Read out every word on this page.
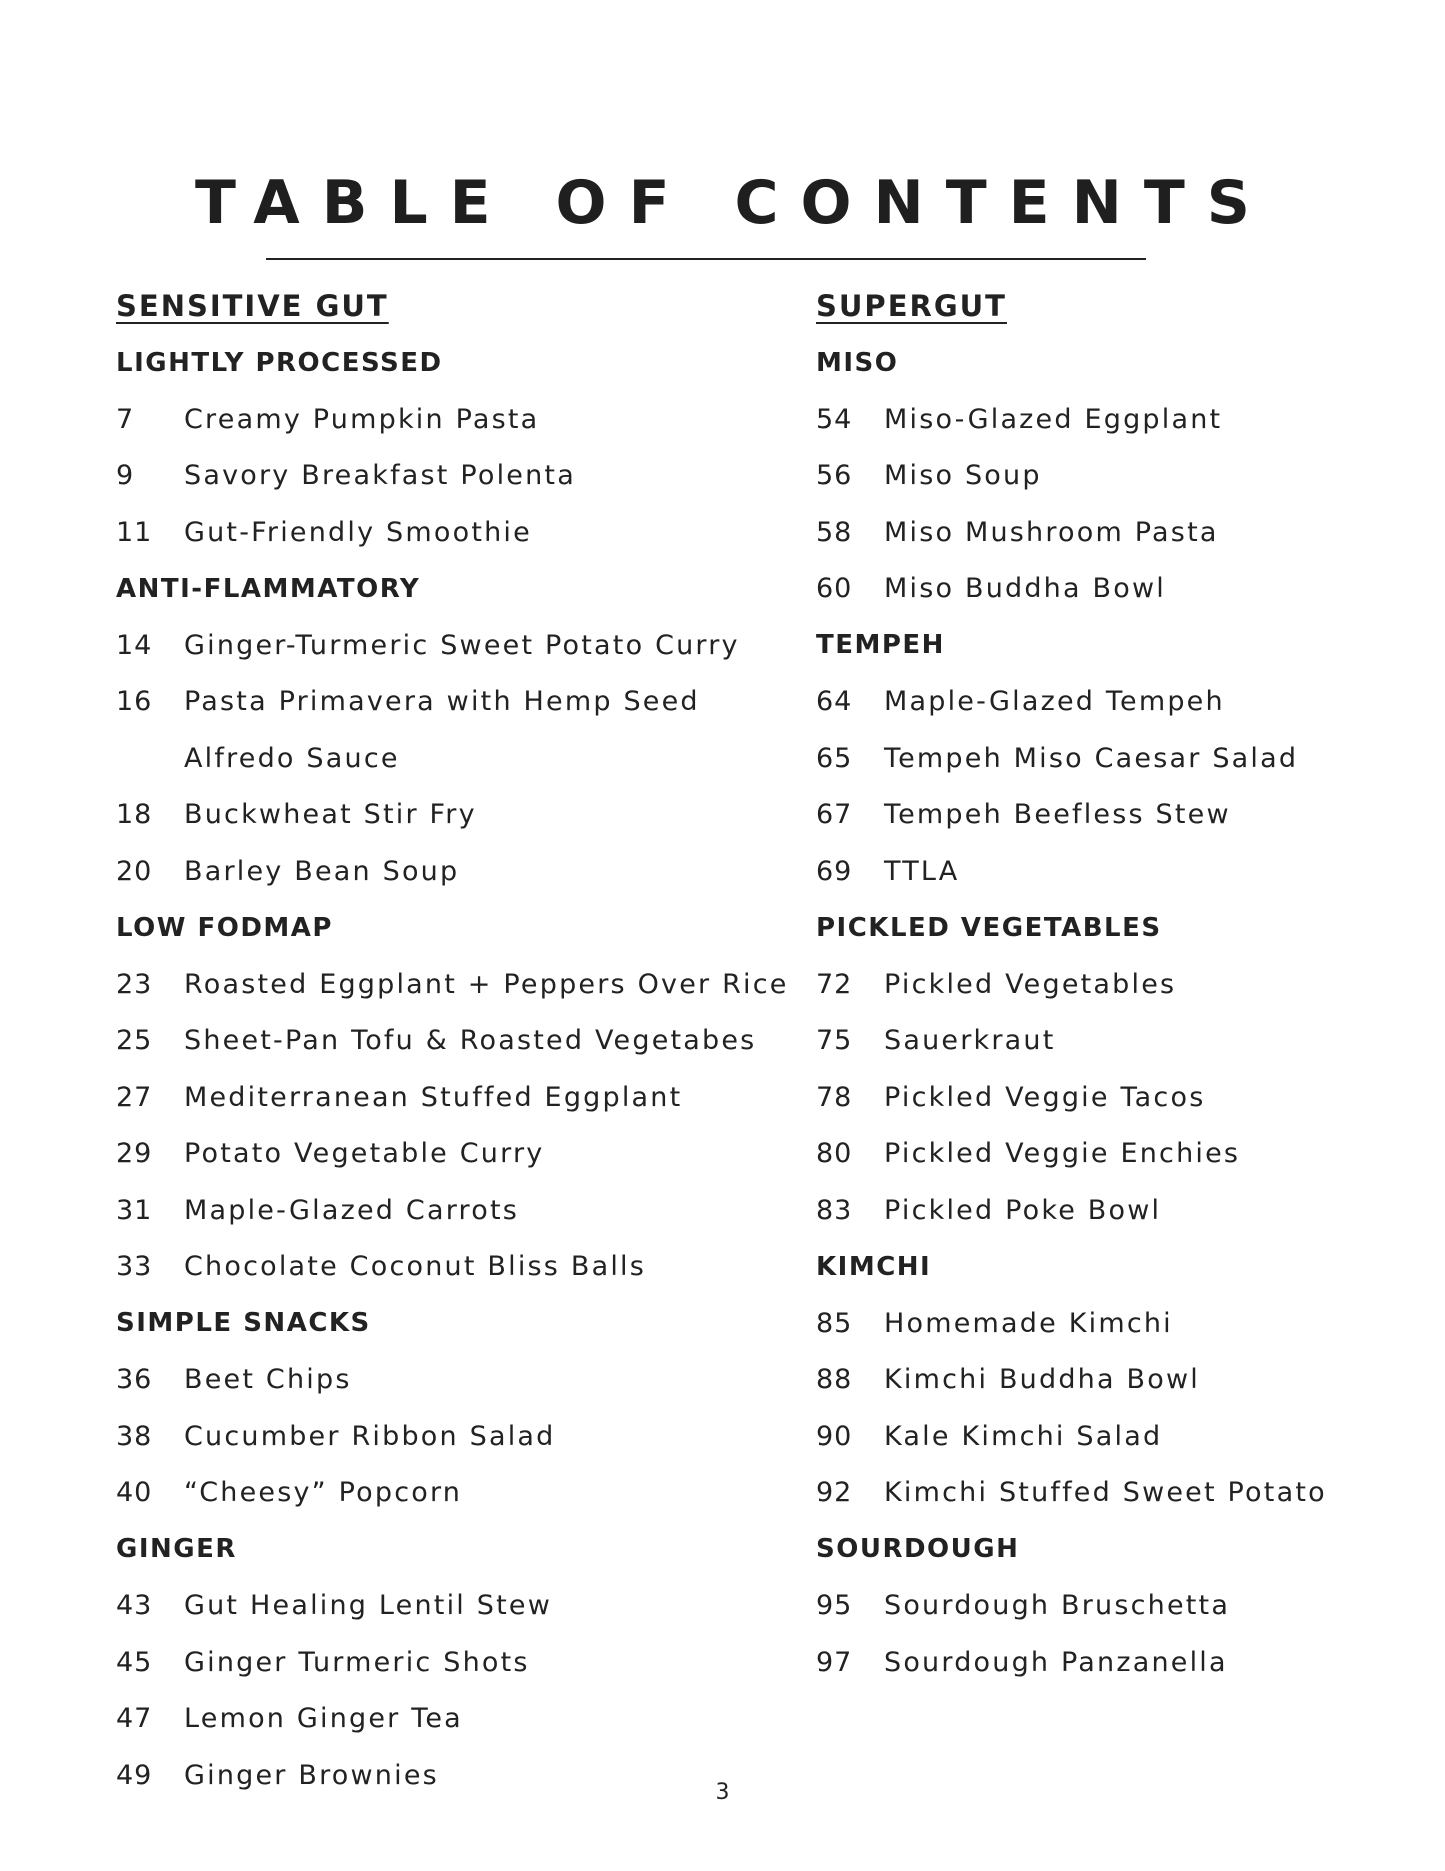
TABLE OF CONTENTS
SENSITIVE GUT
LIGHTLY PROCESSED
7	Creamy Pumpkin Pasta
9	Savory Breakfast Polenta
11	Gut-Friendly Smoothie
ANTI-FLAMMATORY
14	Ginger-Turmeric Sweet Potato Curry
16	Pasta Primavera with Hemp Seed
Alfredo Sauce
18	Buckwheat Stir Fry
20	Barley Bean Soup
LOW FODMAP
23	Roasted Eggplant + Peppers Over Rice
25	Sheet-Pan Tofu & Roasted Vegetabes
27	Mediterranean Stuffed Eggplant
29	Potato Vegetable Curry
31	Maple-Glazed Carrots
33	Chocolate Coconut Bliss Balls
SIMPLE SNACKS
36	Beet Chips
38	Cucumber Ribbon Salad
40	“Cheesy” Popcorn
GINGER
43	Gut Healing Lentil Stew
45	Ginger Turmeric Shots
47	Lemon Ginger Tea
49	Ginger Brownies
SUPERGUT
MISO
54	Miso-Glazed Eggplant
56	Miso Soup
58	Miso Mushroom Pasta
60	Miso Buddha Bowl
TEMPEH
64	Maple-Glazed Tempeh
65	Tempeh Miso Caesar Salad
67	Tempeh Beefless Stew
69	TTLA
PICKLED VEGETABLES
72	Pickled Vegetables
75	Sauerkraut
78	Pickled Veggie Tacos
80	Pickled Veggie Enchies
83	Pickled Poke Bowl
KIMCHI
85	Homemade Kimchi
88	Kimchi Buddha Bowl
90	Kale Kimchi Salad
92	Kimchi Stuffed Sweet Potato
SOURDOUGH
95	Sourdough Bruschetta
97	Sourdough Panzanella
3
